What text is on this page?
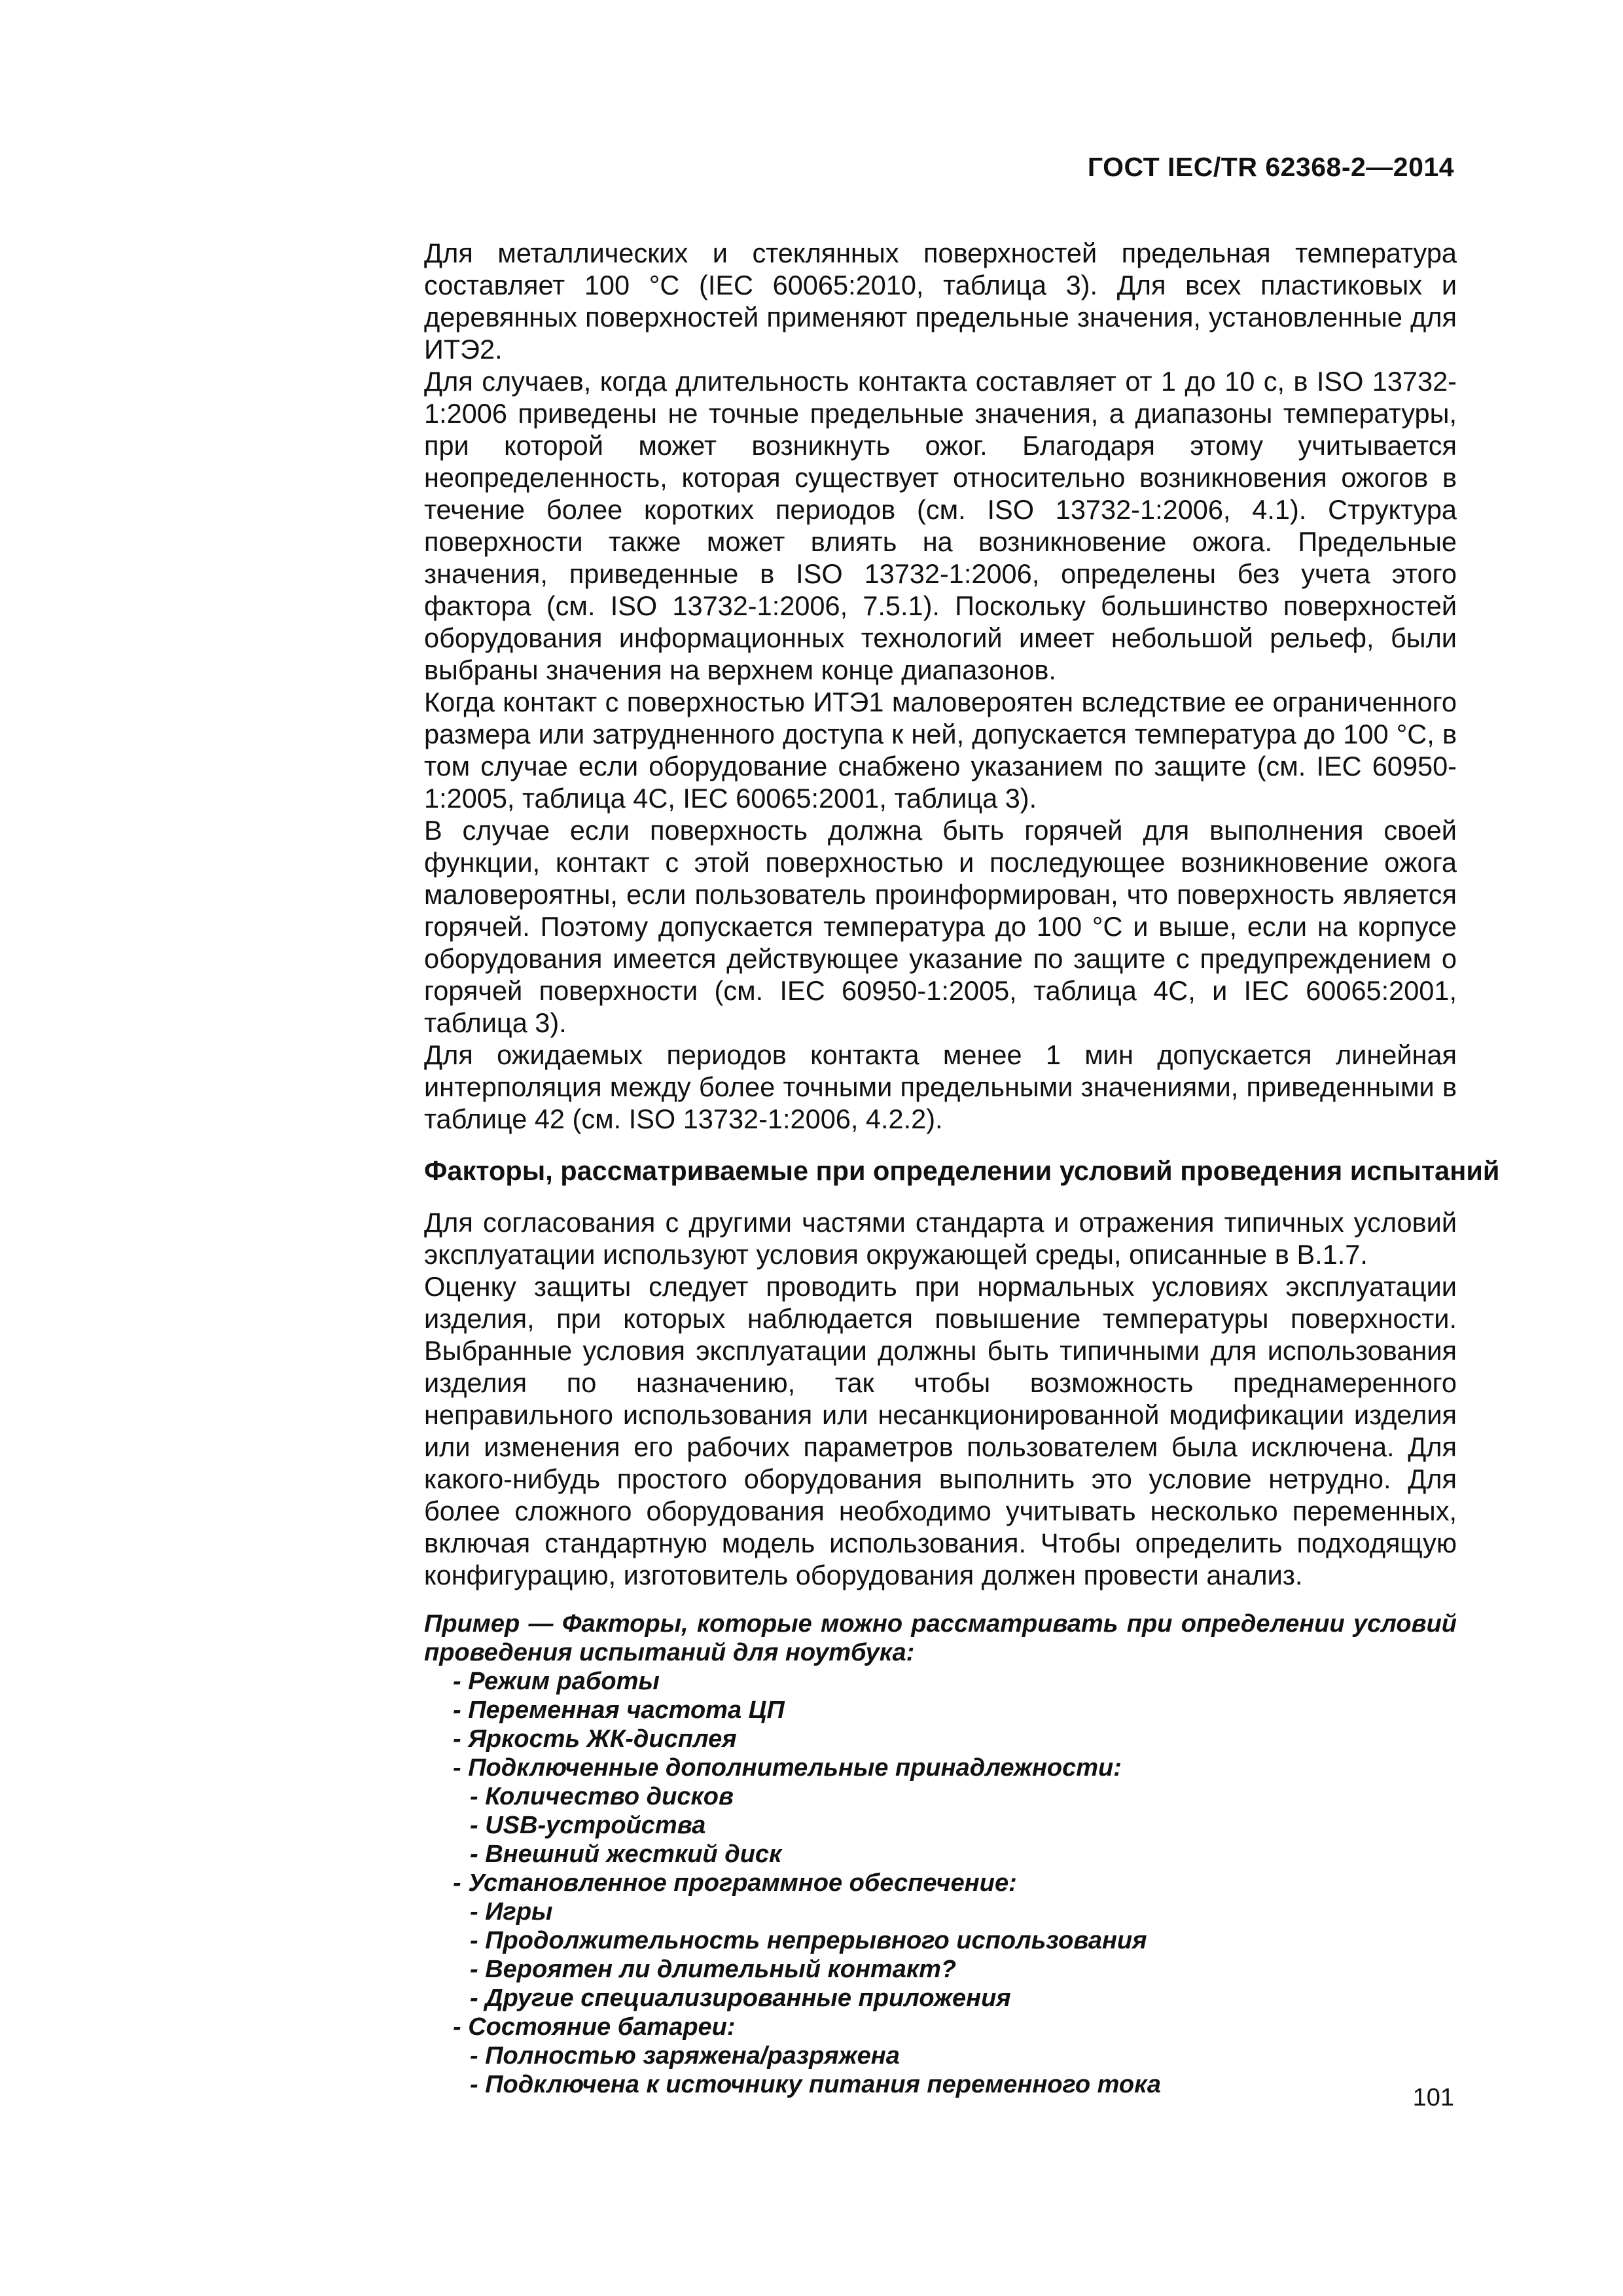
ГОСТ IEC/TR 62368-2—2014

Для металлических и стеклянных поверхностей предельная температура составляет 100 °С (IEC 60065:2010, таблица 3). Для всех пластиковых и деревянных поверхностей применяют предельные значения, установленные для ИТЭ2.

Для случаев, когда длительность контакта составляет от 1 до 10 с, в ISO 13732-1:2006 приведены не точные предельные значения, а диапазоны температуры, при которой может возникнуть ожог. Благодаря этому учитывается неопределенность, которая существует относительно возникновения ожогов в течение более коротких периодов (см. ISO 13732-1:2006, 4.1). Структура поверхности также может влиять на возникновение ожога. Предельные значения, приведенные в ISO 13732-1:2006, определены без учета этого фактора (см. ISO 13732-1:2006, 7.5.1). Поскольку большинство поверхностей оборудования информационных технологий имеет небольшой рельеф, были выбраны значения на верхнем конце диапазонов.

Когда контакт с поверхностью ИТЭ1 маловероятен вследствие ее ограниченного размера или затрудненного доступа к ней, допускается температура до 100 °С, в том случае если оборудование снабжено указанием по защите (см. IEC 60950-1:2005, таблица 4С, IEC 60065:2001, таблица 3).

В случае если поверхность должна быть горячей для выполнения своей функции, контакт с этой поверхностью и последующее возникновение ожога маловероятны, если пользователь проинформирован, что поверхность является горячей. Поэтому допускается температура до 100 °С и выше, если на корпусе оборудования имеется действующее указание по защите с предупреждением о горячей поверхности (см. IEC 60950-1:2005, таблица 4С, и IEC 60065:2001, таблица 3).

Для ожидаемых периодов контакта менее 1 мин допускается линейная интерполяция между более точными предельными значениями, приведенными в таблице 42 (см. ISO 13732-1:2006, 4.2.2).

Факторы, рассматриваемые при определении условий проведения испытаний

Для согласования с другими частями стандарта и отражения типичных условий эксплуатации используют условия окружающей среды, описанные в В.1.7.

Оценку защиты следует проводить при нормальных условиях эксплуатации изделия, при которых наблюдается повышение температуры поверхности. Выбранные условия эксплуатации должны быть типичными для использования изделия по назначению, так чтобы возможность преднамеренного неправильного использования или несанкционированной модификации изделия или изменения его рабочих параметров пользователем была исключена. Для какого-нибудь простого оборудования выполнить это условие нетрудно. Для более сложного оборудования необходимо учитывать несколько переменных, включая стандартную модель использования. Чтобы определить подходящую конфигурацию, изготовитель оборудования должен провести анализ.

Пример — Факторы, которые можно рассматривать при определении условий проведения испытаний для ноутбука:
- Режим работы
- Переменная частота ЦП
- Яркость ЖК-дисплея
- Подключенные дополнительные принадлежности:
- Количество дисков
- USB-устройства
- Внешний жесткий диск
- Установленное программное обеспечение:
- Игры
- Продолжительность непрерывного использования
- Вероятен ли длительный контакт?
- Другие специализированные приложения
- Состояние батареи:
- Полностью заряжена/разряжена
- Подключена к источнику питания переменного тока	101
